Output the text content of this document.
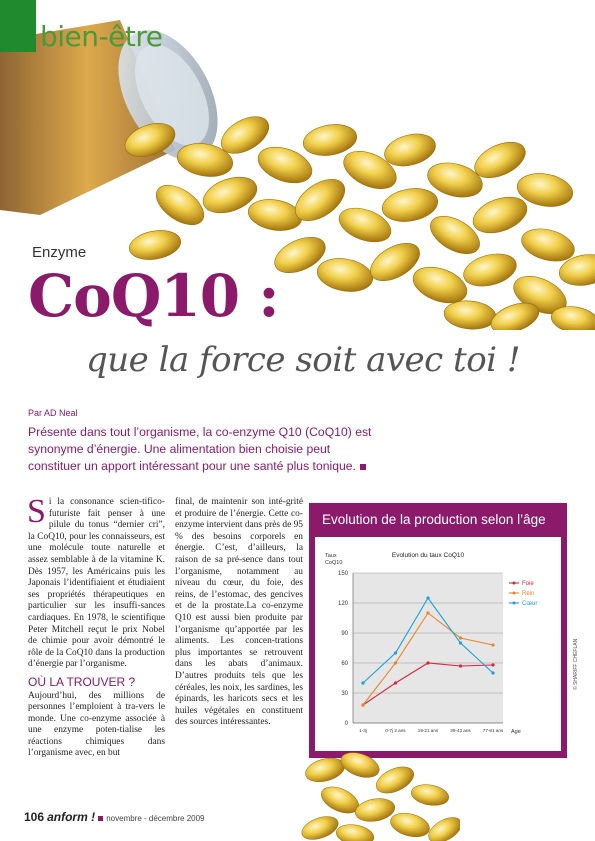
bien-être
Enzyme
CoQ10 :
que la force soit avec toi !
Par AD Neal
Présente dans tout l’organisme, la co-enzyme Q10 (CoQ10) est synonyme d’énergie. Une alimentation bien choisie peut constituer un apport intéressant pour une santé plus tonique.
S i la consonance scien-tifico-futuriste fait penser à une pilule du tonus “dernier cri”, la CoQ10, pour les connaisseurs, est une molécule toute naturelle et assez semblable à de la vitamine K. Dès 1957, les Américains puis les Japonais l’identifiaient et étudiaient ses propriétés thérapeutiques en particulier sur les insuffi-sances cardiaques. En 1978, le scientifique Peter Mitchell reçut le prix Nobel de chimie pour avoir démontré le rôle de la CoQ10 dans la production d’énergie par l’organisme.
OÙ LA TROUVER ?
Aujourd’hui, des millions de personnes l’emploient à tra-vers le monde. Une co-enzyme associée à une enzyme poten-tialise les réactions chimiques dans l’organisme avec, en but
final, de maintenir son inté-grité et produire de l’énergie. Cette co-enzyme intervient dans près de 95 % des besoins corporels en énergie. C’est, d’ailleurs, la raison de sa pré-sence dans tout l’organisme, notamment au niveau du cœur, du foie, des reins, de l’estomac, des gencives et de la prostate.La co-enzyme Q10 est aussi bien produite par l’organisme qu’apportée par les aliments. Les concen-trations plus importantes se retrouvent dans les abats d’animaux. D’autres produits tels que les céréales, les noix, les sardines, les épinards, les haricots secs et les huiles végétales en constituent des sources intéressantes.
Evolution de la production selon l’âge
0
30
60
90
120
150
1-3j	0-7j 2 ans	19-21 ans	39-43 ans	77-81 ans Age
Taux
CoQ10
Evolution du taux CoQ10
Foie
Rein
Cœur
© SHARIFF CHEFLAN
106 anform ! novembre - décembre 2009
